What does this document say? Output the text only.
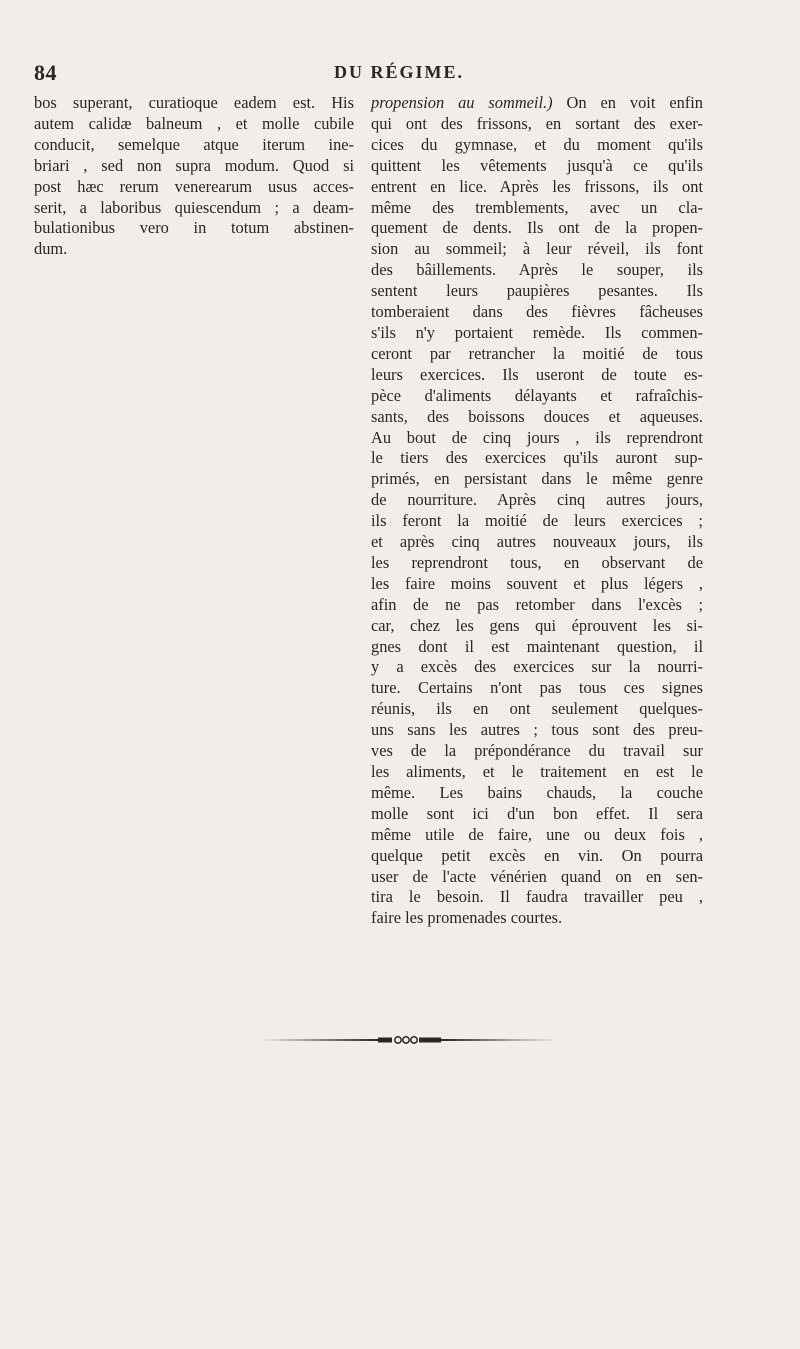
84	DU RÉGIME.

bos superant, curatioque eadem est. His
autem calidæ balneum , et molle cubile
conducit, semelque atque iterum ine-
briari , sed non supra modum. Quod si
post hæc rerum venerearum usus acces-
serit, a laboribus quiescendum ; a deam-
bulationibus vero in totum abstinen-
dum.

propension au sommeil.) On en voit enfin
qui ont des frissons, en sortant des exer-
cices du gymnase, et du moment qu'ils
quittent les vêtements jusqu'à ce qu'ils
entrent en lice. Après les frissons, ils ont
même des tremblements, avec un cla-
quement de dents. Ils ont de la propen-
sion au sommeil; à leur réveil, ils font
des bâillements. Après le souper, ils
sentent leurs paupières pesantes. Ils
tomberaient dans des fièvres fâcheuses
s'ils n'y portaient remède. Ils commen-
ceront par retrancher la moitié de tous
leurs exercices. Ils useront de toute es-
pèce d'aliments délayants et rafraîchis-
sants, des boissons douces et aqueuses.
Au bout de cinq jours , ils reprendront
le tiers des exercices qu'ils auront sup-
primés, en persistant dans le même genre
de nourriture. Après cinq autres jours,
ils feront la moitié de leurs exercices ;
et après cinq autres nouveaux jours, ils
les reprendront tous, en observant de
les faire moins souvent et plus légers ,
afin de ne pas retomber dans l'excès ;
car, chez les gens qui éprouvent les si-
gnes dont il est maintenant question, il
y a excès des exercices sur la nourri-
ture. Certains n'ont pas tous ces signes
réunis, ils en ont seulement quelques-
uns sans les autres ; tous sont des preu-
ves de la prépondérance du travail sur
les aliments, et le traitement en est le
même. Les bains chauds, la couche
molle sont ici d'un bon effet. Il sera
même utile de faire, une ou deux fois ,
quelque petit excès en vin. On pourra
user de l'acte vénérien quand on en sen-
tira le besoin. Il faudra travailler peu ,
faire les promenades courtes.
